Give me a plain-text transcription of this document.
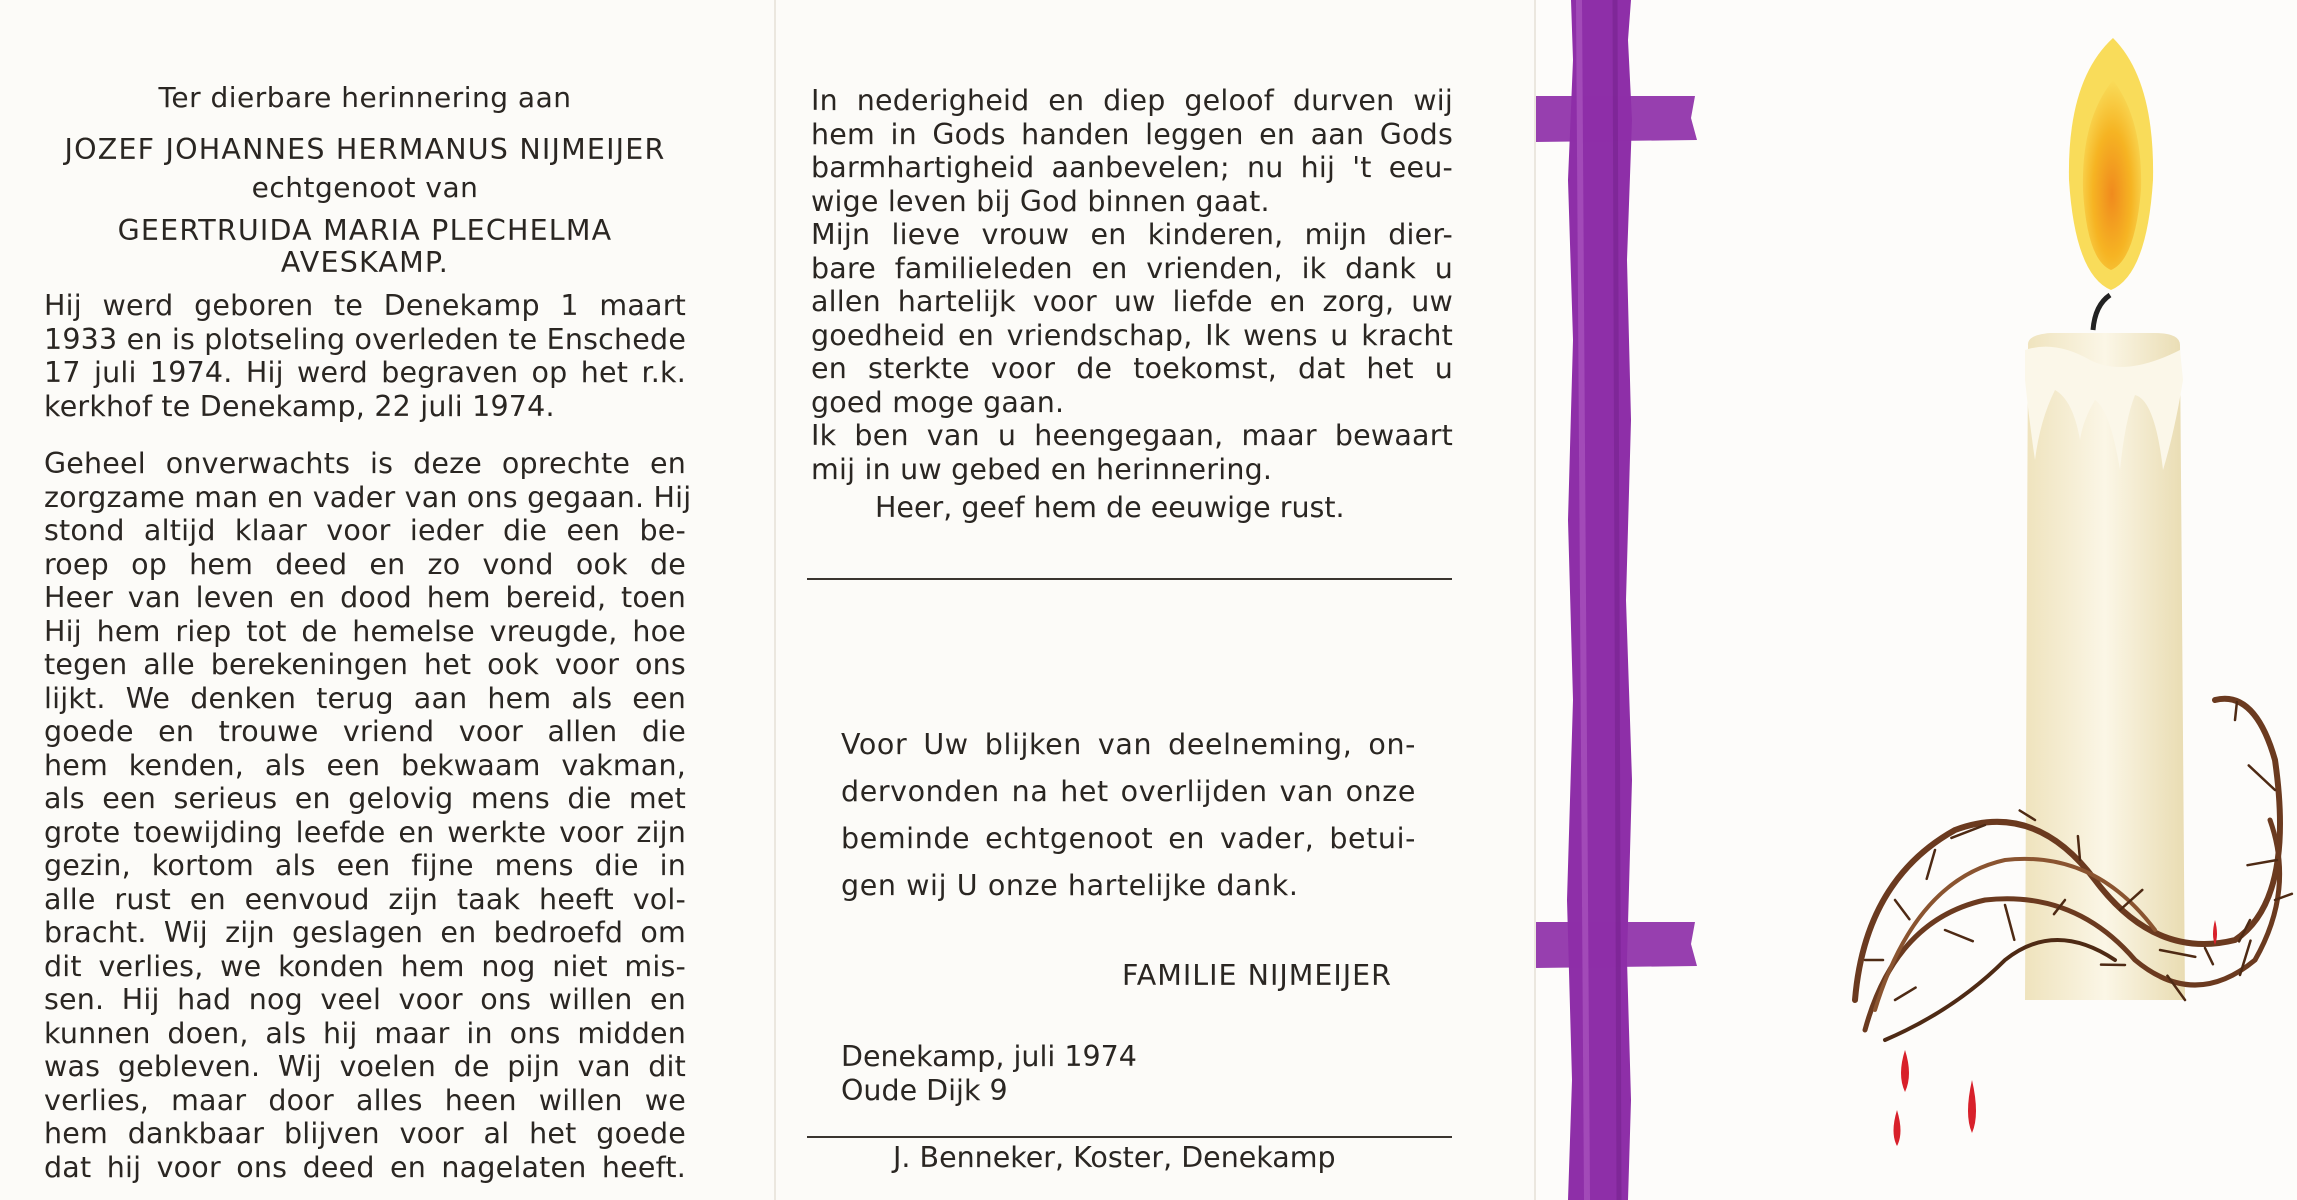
Ter dierbare herinnering aan
JOZEF JOHANNES HERMANUS NIJMEIJER
echtgenoot van
GEERTRUIDA MARIA PLECHELMA
AVESKAMP.
Hij werd geboren te Denekamp 1 maart
1933 en is plotseling overleden te Enschede
17 juli 1974. Hij werd begraven op het r.k.
kerkhof te Denekamp, 22 juli 1974.
Geheel onverwachts is deze oprechte en
zorgzame man en vader van ons gegaan. Hij
stond altijd klaar voor ieder die een be-
roep op hem deed en zo vond ook de
Heer van leven en dood hem bereid, toen
Hij hem riep tot de hemelse vreugde, hoe
tegen alle berekeningen het ook voor ons
lijkt. We denken terug aan hem als een
goede en trouwe vriend voor allen die
hem kenden, als een bekwaam vakman,
als een serieus en gelovig mens die met
grote toewijding leefde en werkte voor zijn
gezin, kortom als een fijne mens die in
alle rust en eenvoud zijn taak heeft vol-
bracht. Wij zijn geslagen en bedroefd om
dit verlies, we konden hem nog niet mis-
sen. Hij had nog veel voor ons willen en
kunnen doen, als hij maar in ons midden
was gebleven. Wij voelen de pijn van dit
verlies, maar door alles heen willen we
hem dankbaar blijven voor al het goede
dat hij voor ons deed en nagelaten heeft.
In nederigheid en diep geloof durven wij
hem in Gods handen leggen en aan Gods
barmhartigheid aanbevelen; nu hij 't eeu-
wige leven bij God binnen gaat.
Mijn lieve vrouw en kinderen, mijn dier-
bare familieleden en vrienden, ik dank u
allen hartelijk voor uw liefde en zorg, uw
goedheid en vriendschap, Ik wens u kracht
en sterkte voor de toekomst, dat het u
goed moge gaan.
Ik ben van u heengegaan, maar bewaart
mij in uw gebed en herinnering.
Heer, geef hem de eeuwige rust.
Voor Uw blijken van deelneming, on-
dervonden na het overlijden van onze
beminde echtgenoot en vader, betui-
gen wij U onze hartelijke dank.
FAMILIE NIJMEIJER
Denekamp, juli 1974
Oude Dijk 9
J. Benneker, Koster, Denekamp
